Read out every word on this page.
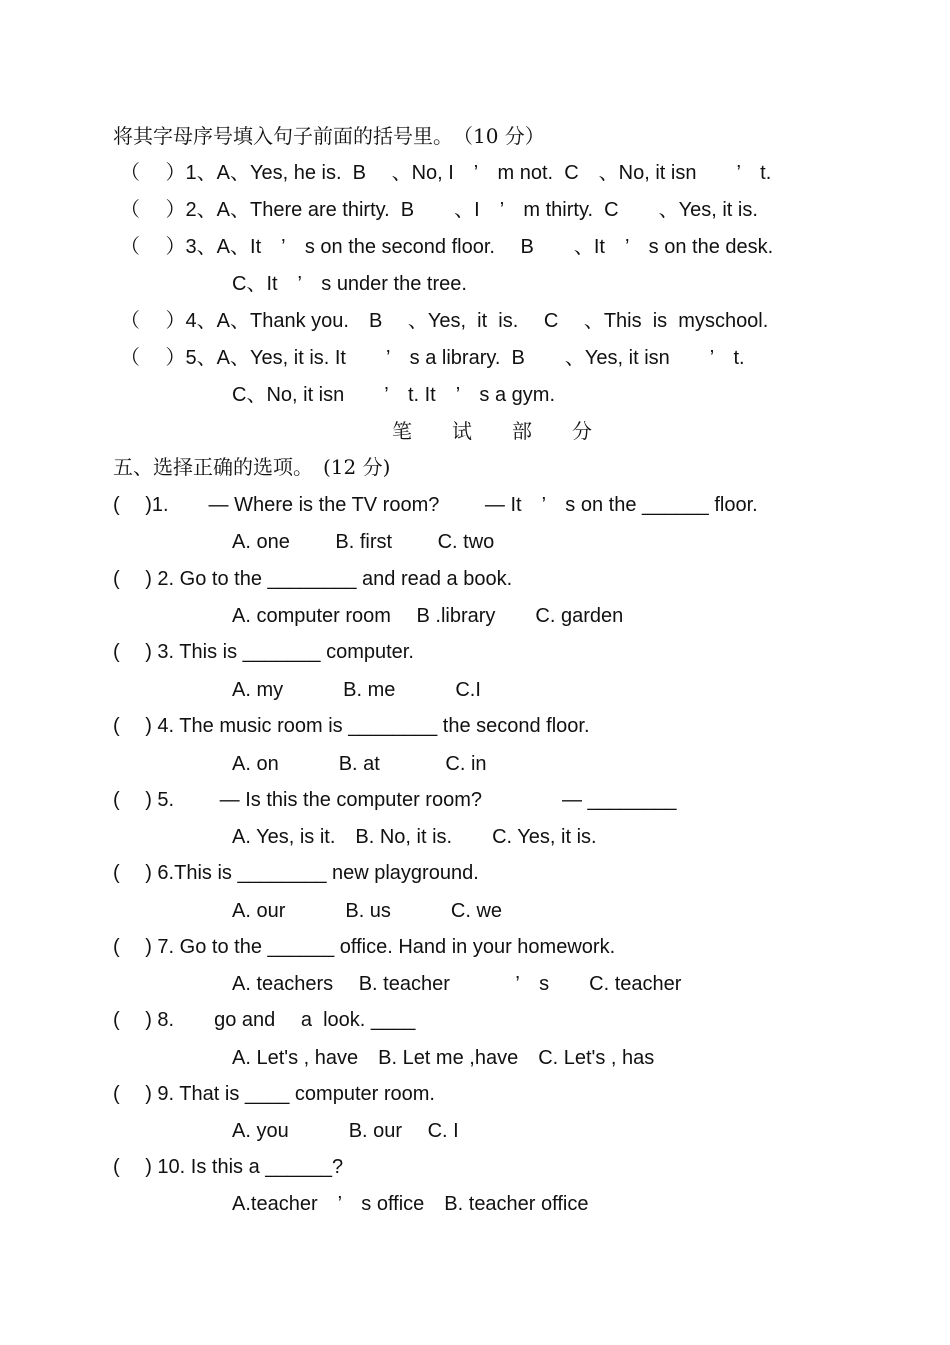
将其字母序号填入句子前面的括号里。　（10 分）
（　 ）1、A、Yes, he is.  B　 、No, I　’　m not.  C　、No, it isn　　’　t.
（　 ）2、A、There are thirty.  B　　、I　’　m thirty.  C　　、Yes, it is.
（　 ）3、A、It　’　s on the second floor.　 B　　、It　’　s on the desk.
C、It　’　s under the tree.
（　 ）4、A、Thank you.　B　 、Yes,  it  is.　 C　 、This  is  myschool.
（　 ）5、A、Yes, it is. It　　’　s a library.  B　　、Yes, it isn　　’　t.
C、No, it isn　　’　t. It　’　s a gym.
笔　　试　　部　　分
五、选择正确的选项。　(12 分)
(　 )1.　　— Where is the TV room?　　 — It　’　s on the ______ floor.
A. one　　 B. first　　 C. two
(　 ) 2. Go to the ________ and read a book.
A. computer room　 B .library　　C. garden
(　 ) 3. This is _______ computer.
A. my　　　B. me　　　C.I
(　 ) 4. The music room is ________ the second floor.
A. on　　　B. at　　　 C. in
(　 ) 5.　　 — Is this the computer room?　　　　— ________
A. Yes, is it.　B. No, it is.　　C. Yes, it is.
(　 ) 6.This is ________ new playground.
A. our　　　B. us　　　C. we
(　 ) 7. Go to the ______ office. Hand in your homework.
A. teachers　 B. teacher　　　 ’　s　　C. teacher
(　 ) 8.　　go and　 a  look. ____
A. Let's , have　B. Let me ,have　C. Let's , has
(　 ) 9. That is ____ computer room.
A. you　　　B. our　 C. I
(　 ) 10. Is this a ______?
A.teacher　’　s office　B. teacher office
